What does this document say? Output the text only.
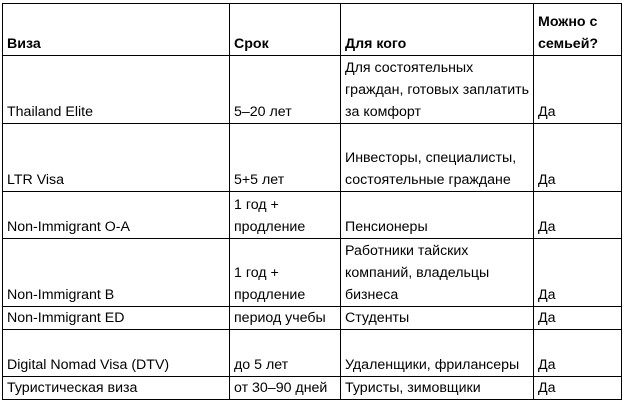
Виза	Срок	Для кого	Можно с семьей?
Thailand Elite	5–20 лет	Для состоятельных граждан, готовых заплатить за комфорт	Да
LTR Visa	5+5 лет	Инвесторы, специалисты, состоятельные граждане	Да
Non-Immigrant O-A	1 год + продление	Пенсионеры	Да
Non-Immigrant B	1 год + продление	Работники тайских компаний, владельцы бизнеса	Да
Non-Immigrant ED	период учебы	Студенты	Да
Digital Nomad Visa (DTV)	до 5 лет	Удаленщики, фрилансеры	Да
Туристическая виза	от 30–90 дней	Туристы, зимовщики	Да
